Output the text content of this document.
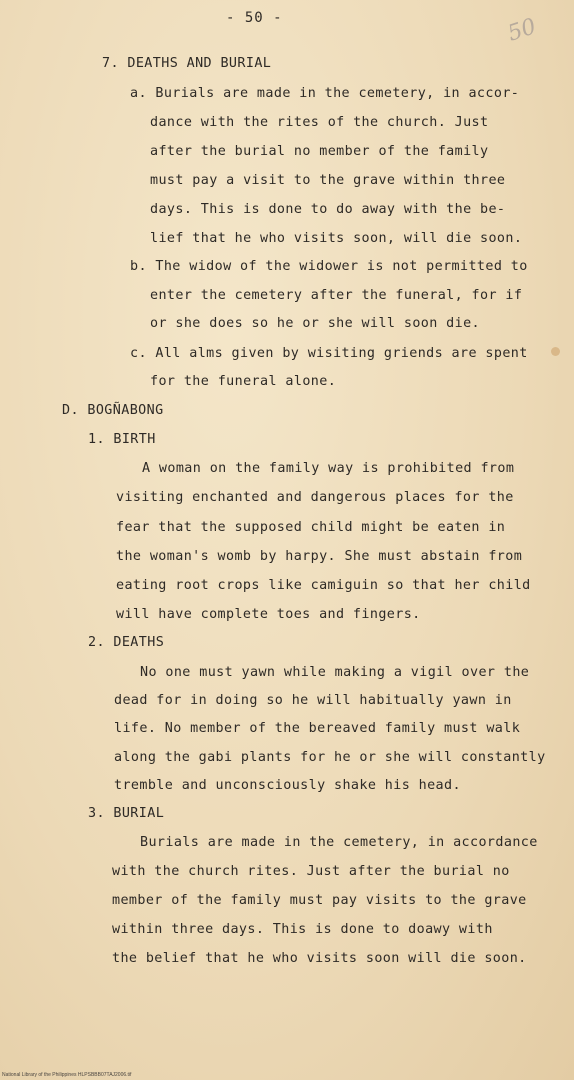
- 50 -	50
7. DEATHS AND BURIAL
a. Burials are made in the cemetery, in accor-
dance with the rites of the church. Just
after the burial no member of the family
must pay a visit to the grave within three
days. This is done to do away with the be-
lief that he who visits soon, will die soon.
b. The widow of the widower is not permitted to
enter the cemetery after the funeral, for if
or she does so he or she will soon die.
c. All alms given by wisiting griends are spent
for the funeral alone.
D. BOGÑABONG
1. BIRTH
A woman on the family way is prohibited from
visiting enchanted and dangerous places for the
fear that the supposed child might be eaten in
the woman's womb by harpy. She must abstain from
eating root crops like camiguin so that her child
will have complete toes and fingers.
2. DEATHS
No one must yawn while making a vigil over the
dead for in doing so he will habitually yawn in
life. No member of the bereaved family must walk
along the gabi plants for he or she will constantly
tremble and unconsciously shake his head.
3. BURIAL
Burials are made in the cemetery, in accordance
with the church rites. Just after the burial no
member of the family must pay visits to the grave
within three days. This is done to doawy with
the belief that he who visits soon will die soon.
National Library of the Philippines HLPSBBB07TAJ2006.tif
